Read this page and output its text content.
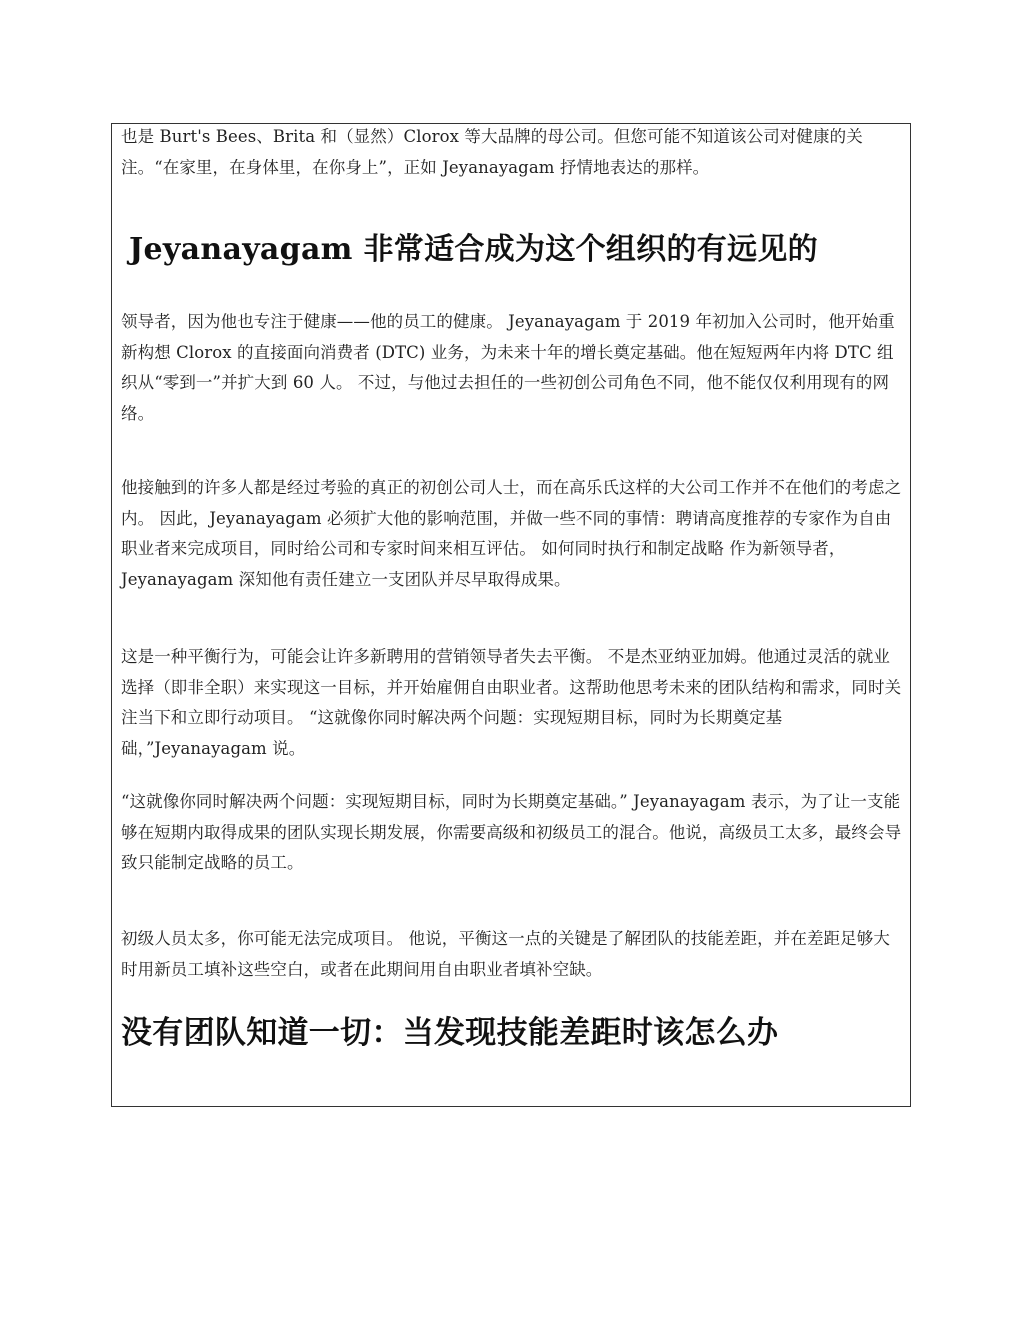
也是 Burt's Bees、Brita 和（显然）Clorox 等大品牌的母公司。但您可能不知道该公司对健康的关注。“在家里，在身体里，在你身上”，正如 Jeyanayagam 抒情地表达的那样。

Jeyanayagam 非常适合成为这个组织的有远见的

领导者，因为他也专注于健康——他的员工的健康。 Jeyanayagam 于 2019 年初加入公司时，他开始重新构想 Clorox 的直接面向消费者 (DTC) 业务，为未来十年的增长奠定基础。他在短短两年内将 DTC 组织从“零到一”并扩大到 60 人。 不过，与他过去担任的一些初创公司角色不同，他不能仅仅利用现有的网络。

他接触到的许多人都是经过考验的真正的初创公司人士，而在高乐氏这样的大公司工作并不在他们的考虑之内。 因此，Jeyanayagam 必须扩大他的影响范围，并做一些不同的事情：聘请高度推荐的专家作为自由职业者来完成项目，同时给公司和专家时间来相互评估。 如何同时执行和制定战略 作为新领导者，Jeyanayagam 深知他有责任建立一支团队并尽早取得成果。

这是一种平衡行为，可能会让许多新聘用的营销领导者失去平衡。 不是杰亚纳亚加姆。他通过灵活的就业选择（即非全职）来实现这一目标，并开始雇佣自由职业者。这帮助他思考未来的团队结构和需求，同时关注当下和立即行动项目。 “这就像你同时解决两个问题：实现短期目标，同时为长期奠定基础，”Jeyanayagam 说。

“这就像你同时解决两个问题：实现短期目标，同时为长期奠定基础。” Jeyanayagam 表示，为了让一支能够在短期内取得成果的团队实现长期发展，你需要高级和初级员工的混合。他说，高级员工太多，最终会导致只能制定战略的员工。

初级人员太多，你可能无法完成项目。 他说，平衡这一点的关键是了解团队的技能差距，并在差距足够大时用新员工填补这些空白，或者在此期间用自由职业者填补空缺。

没有团队知道一切：当发现技能差距时该怎么办
